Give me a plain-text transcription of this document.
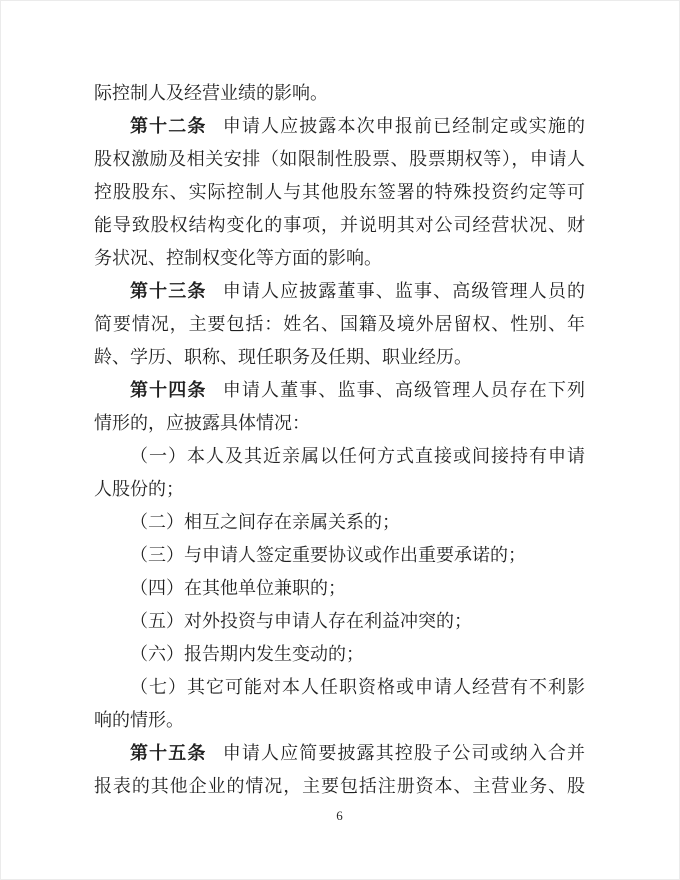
际控制人及经营业绩的影响。
第十二条 申请人应披露本次申报前已经制定或实施的
股权激励及相关安排（如限制性股票、股票期权等），申请人
控股股东、实际控制人与其他股东签署的特殊投资约定等可
能导致股权结构变化的事项，并说明其对公司经营状况、财
务状况、控制权变化等方面的影响。
第十三条 申请人应披露董事、监事、高级管理人员的
简要情况，主要包括：姓名、国籍及境外居留权、性别、年
龄、学历、职称、现任职务及任期、职业经历。
第十四条 申请人董事、监事、高级管理人员存在下列
情形的，应披露具体情况：
（一）本人及其近亲属以任何方式直接或间接持有申请
人股份的；
（二）相互之间存在亲属关系的；
（三）与申请人签定重要协议或作出重要承诺的；
（四）在其他单位兼职的；
（五）对外投资与申请人存在利益冲突的；
（六）报告期内发生变动的；
（七）其它可能对本人任职资格或申请人经营有不利影
响的情形。
第十五条 申请人应简要披露其控股子公司或纳入合并
报表的其他企业的情况，主要包括注册资本、主营业务、股
6
